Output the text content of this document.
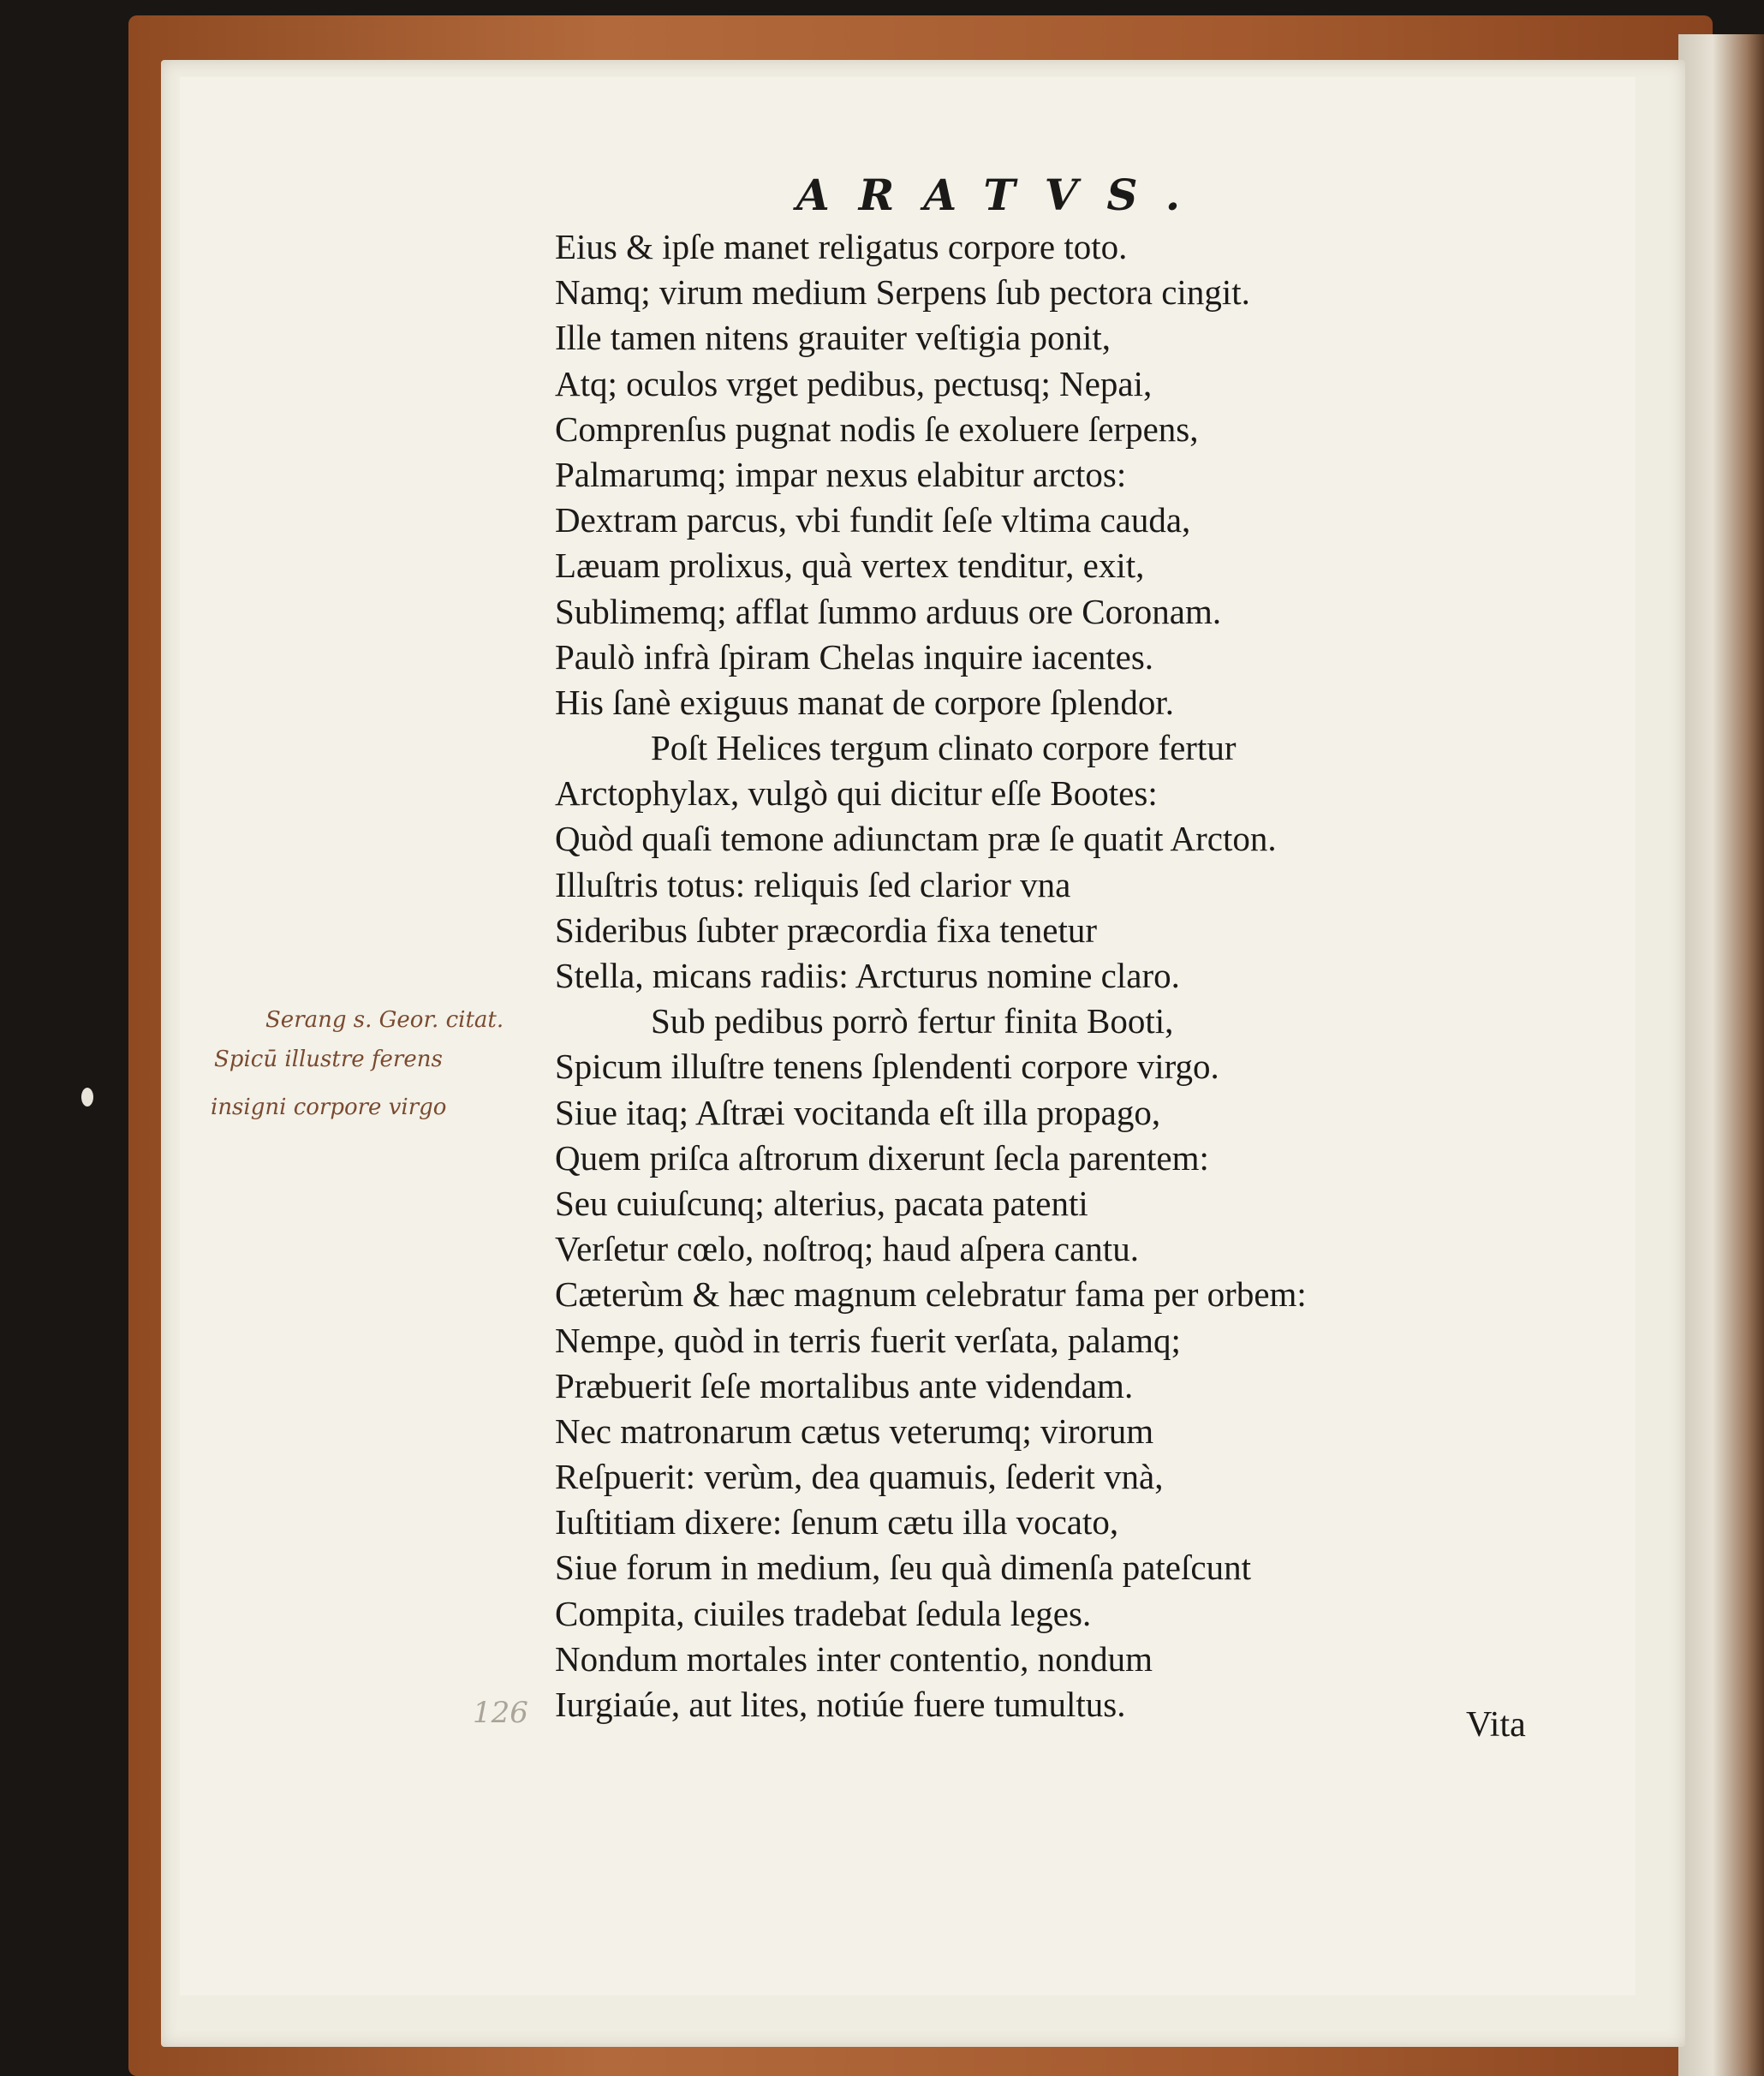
ARATVS.
Eius & ipſe manet religatus corpore toto.
Namq; virum medium Serpens ſub pectora cingit.
Ille tamen nitens grauiter veſtigia ponit,
Atq; oculos vrget pedibus, pectusq; Nepai,
Comprenſus pugnat nodis ſe exoluere ſerpens,
Palmarumq; impar nexus elabitur arctos:
Dextram parcus, vbi fundit ſeſe vltima cauda,
Læuam prolixus, quà vertex tenditur, exit,
Sublimemq; afflat ſummo arduus ore Coronam.
Paulò infrà ſpiram Chelas inquire iacentes.
His ſanè exiguus manat de corpore ſplendor.
Poſt Helices tergum clinato corpore fertur
Arctophylax, vulgò qui dicitur eſſe Bootes:
Quòd quaſi temone adiunctam præ ſe quatit Arcton.
Illuſtris totus: reliquis ſed clarior vna
Sideribus ſubter præcordia fixa tenetur
Stella, micans radiis: Arcturus nomine claro.
Sub pedibus porrò fertur finita Booti,
Spicum illuſtre tenens ſplendenti corpore virgo.
Siue itaq; Aſtræi vocitanda eſt illa propago,
Quem priſca aſtrorum dixerunt ſecla parentem:
Seu cuiuſcunq; alterius, pacata patenti
Verſetur cœlo, noſtroq; haud aſpera cantu.
Cæterùm & hæc magnum celebratur fama per orbem:
Nempe, quòd in terris fuerit verſata, palamq;
Præbuerit ſeſe mortalibus ante videndam.
Nec matronarum cætus veterumq; virorum
Reſpuerit: verùm, dea quamuis, ſederit vnà,
Iuſtitiam dixere: ſenum cætu illa vocato,
Siue forum in medium, ſeu quà dimenſa pateſcunt
Compita, ciuiles tradebat ſedula leges.
Nondum mortales inter contentio, nondum
Iurgiaúe, aut lites, notiúe fuere tumultus.
Vita
Serang s. Geor. citat.
Spicū illustre ferens
insigni corpore virgo
126
